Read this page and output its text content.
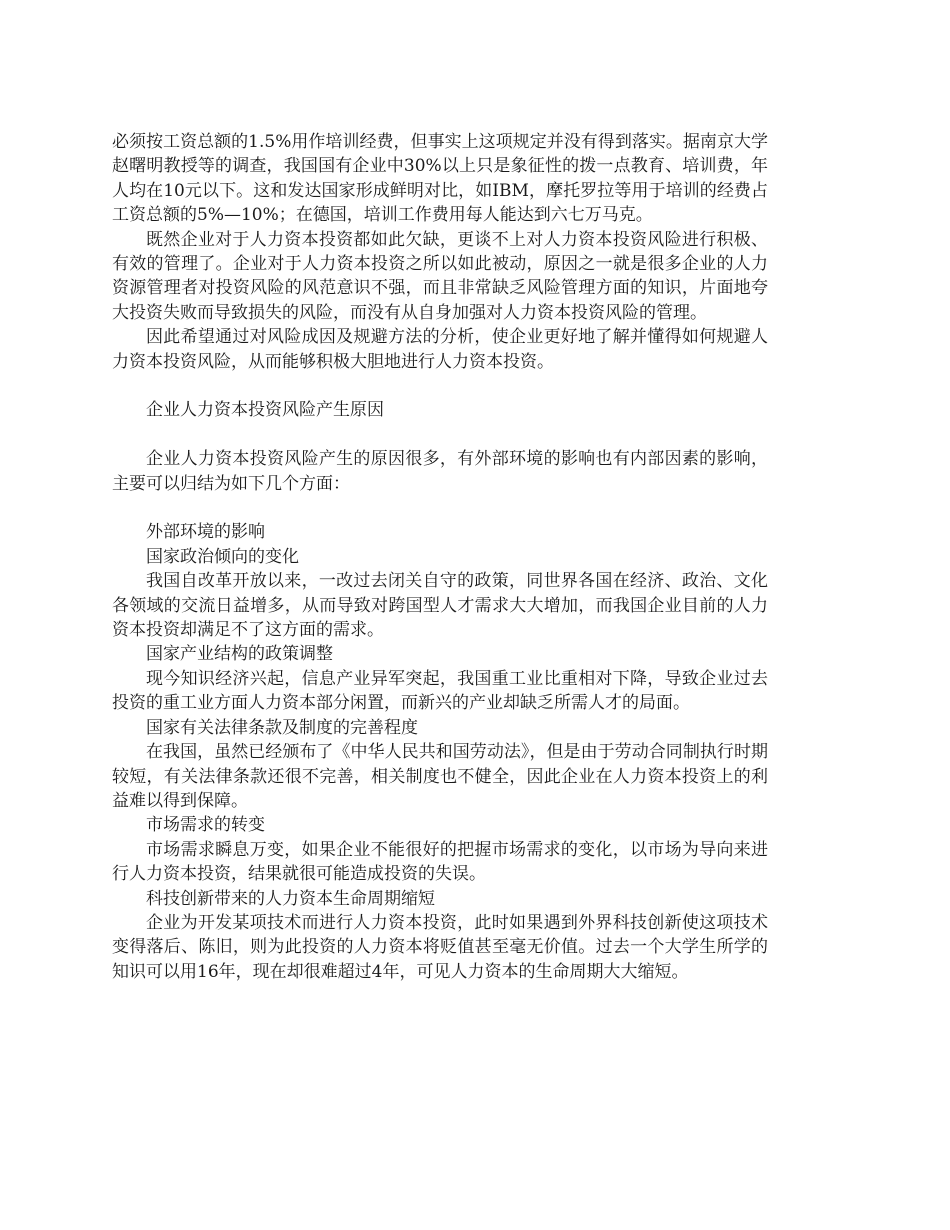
必须按工资总额的1.5%用作培训经费，但事实上这项规定并没有得到落实。据南京大学赵曙明教授等的调查，我国国有企业中30%以上只是象征性的拨一点教育、培训费，年人均在10元以下。这和发达国家形成鲜明对比，如IBM，摩托罗拉等用于培训的经费占工资总额的5%—10%；在德国，培训工作费用每人能达到六七万马克。

既然企业对于人力资本投资都如此欠缺，更谈不上对人力资本投资风险进行积极、有效的管理了。企业对于人力资本投资之所以如此被动，原因之一就是很多企业的人力资源管理者对投资风险的风范意识不强，而且非常缺乏风险管理方面的知识，片面地夸大投资失败而导致损失的风险，而没有从自身加强对人力资本投资风险的管理。

因此希望通过对风险成因及规避方法的分析，使企业更好地了解并懂得如何规避人力资本投资风险，从而能够积极大胆地进行人力资本投资。

企业人力资本投资风险产生原因

企业人力资本投资风险产生的原因很多，有外部环境的影响也有内部因素的影响，主要可以归结为如下几个方面：

外部环境的影响

国家政治倾向的变化

我国自改革开放以来，一改过去闭关自守的政策，同世界各国在经济、政治、文化各领域的交流日益增多，从而导致对跨国型人才需求大大增加，而我国企业目前的人力资本投资却满足不了这方面的需求。

国家产业结构的政策调整

现今知识经济兴起，信息产业异军突起，我国重工业比重相对下降，导致企业过去投资的重工业方面人力资本部分闲置，而新兴的产业却缺乏所需人才的局面。

国家有关法律条款及制度的完善程度

在我国，虽然已经颁布了《中华人民共和国劳动法》，但是由于劳动合同制执行时期较短，有关法律条款还很不完善，相关制度也不健全，因此企业在人力资本投资上的利益难以得到保障。

市场需求的转变

市场需求瞬息万变，如果企业不能很好的把握市场需求的变化，以市场为导向来进行人力资本投资，结果就很可能造成投资的失误。

科技创新带来的人力资本生命周期缩短

企业为开发某项技术而进行人力资本投资，此时如果遇到外界科技创新使这项技术变得落后、陈旧，则为此投资的人力资本将贬值甚至毫无价值。过去一个大学生所学的知识可以用16年，现在却很难超过4年，可见人力资本的生命周期大大缩短。
